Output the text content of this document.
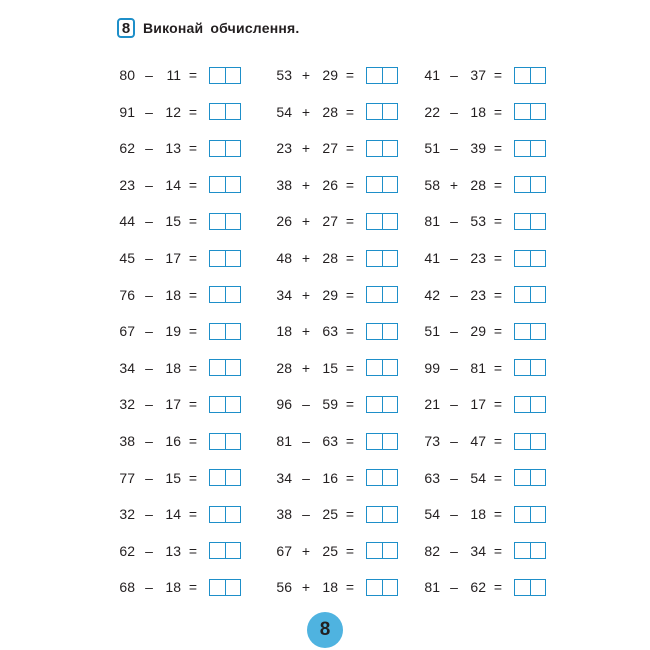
8 Виконай обчислення.
80 – 11 =
91 – 12 =
62 – 13 =
23 – 14 =
44 – 15 =
45 – 17 =
76 – 18 =
67 – 19 =
34 – 18 =
32 – 17 =
38 – 16 =
77 – 15 =
32 – 14 =
62 – 13 =
68 – 18 =
53 + 29 =
54 + 28 =
23 + 27 =
38 + 26 =
26 + 27 =
48 + 28 =
34 + 29 =
18 + 63 =
28 + 15 =
96 – 59 =
81 – 63 =
34 – 16 =
38 – 25 =
67 + 25 =
56 + 18 =
41 – 37 =
22 – 18 =
51 – 39 =
58 + 28 =
81 – 53 =
41 – 23 =
42 – 23 =
51 – 29 =
99 – 81 =
21 – 17 =
73 – 47 =
63 – 54 =
54 – 18 =
82 – 34 =
81 – 62 =
8
